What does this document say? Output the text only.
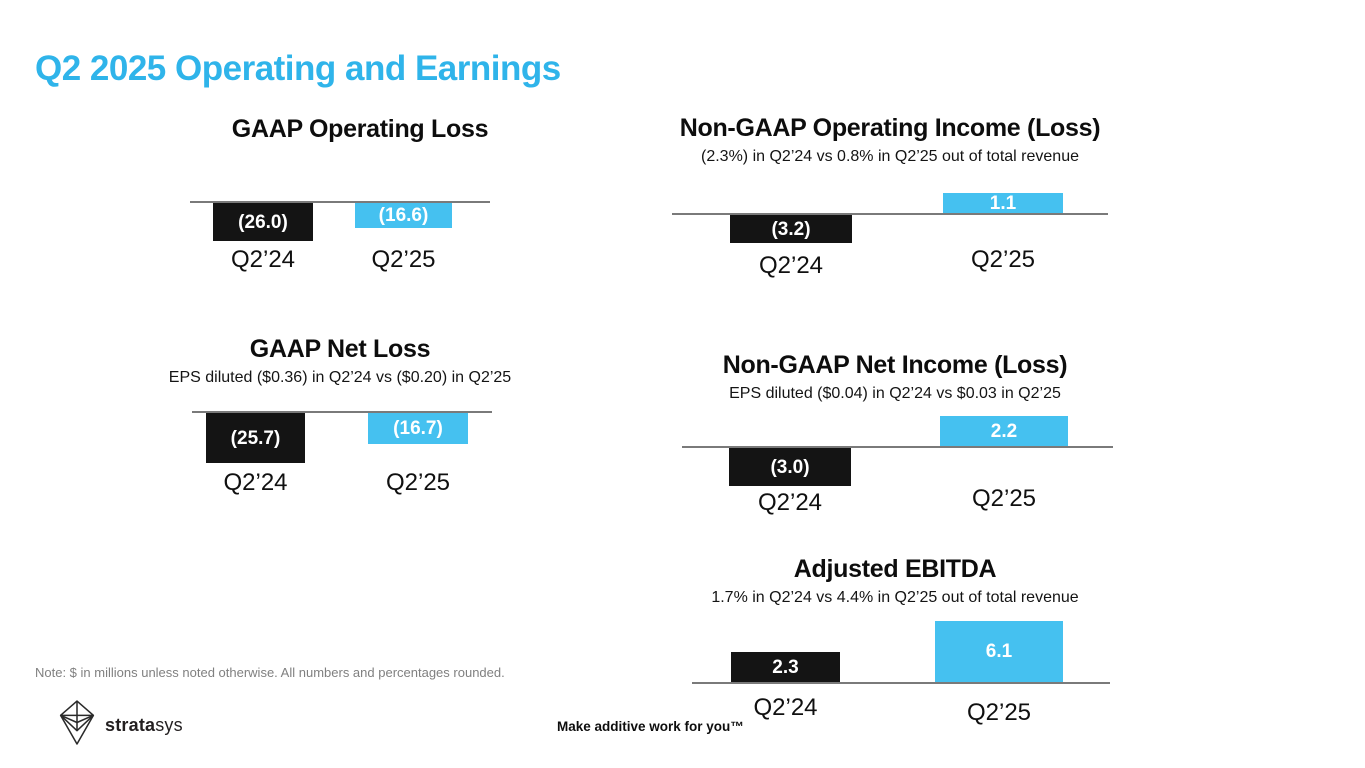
Q2 2025 Operating and Earnings
GAAP Operating Loss
(26.0)
Q2’24
(16.6)
Q2’25
Non-GAAP Operating Income (Loss)
(2.3%) in Q2’24 vs 0.8% in Q2’25 out of total revenue
(3.2)
Q2’24
1.1
Q2’25
GAAP Net Loss
EPS diluted ($0.36) in Q2’24 vs ($0.20) in Q2’25
(25.7)
Q2’24
(16.7)
Q2’25
Non-GAAP Net Income (Loss)
EPS diluted ($0.04) in Q2’24 vs $0.03 in Q2’25
(3.0)
Q2’24
2.2
Q2’25
Adjusted EBITDA
1.7% in Q2’24 vs 4.4% in Q2’25 out of total revenue
2.3
Q2’24
6.1
Q2’25
Note: $ in millions unless noted otherwise. All numbers and percentages rounded.
stratasys	Make additive work for you™
